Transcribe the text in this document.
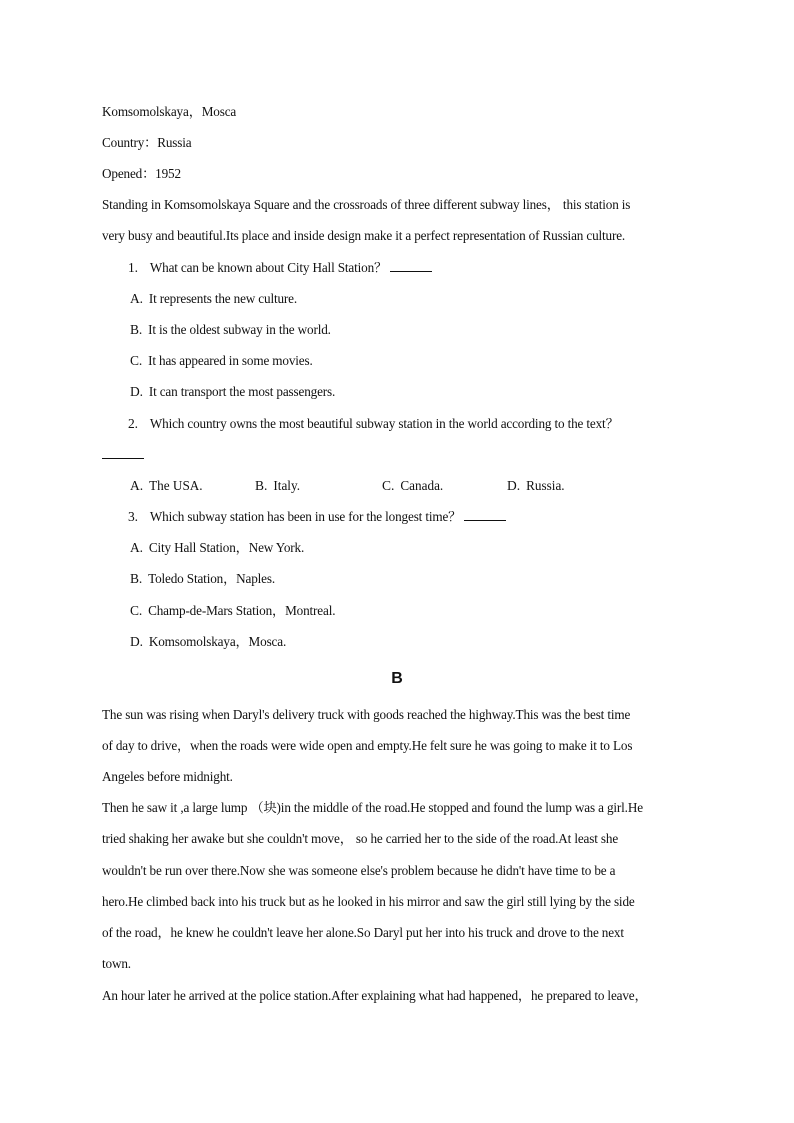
Komsomolskaya，Mosca
Country：Russia
Opened：1952
Standing in Komsomolskaya Square and the crossroads of three different subway lines， this station is
very busy and beautiful.Its place and inside design make it a perfect representation of Russian culture.
1. What can be known about City Hall Station？
A. It represents the new culture.
B. It is the oldest subway in the world.
C. It has appeared in some movies.
D. It can transport the most passengers.
2. Which country owns the most beautiful subway station in the world according to the text？
A. The USA.	B. Italy.	C. Canada.	D. Russia.
3. Which subway station has been in use for the longest time？
A. City Hall Station，New York.
B. Toledo Station，Naples.
C. Champ-de-Mars Station，Montreal.
D. Komsomolskaya，Mosca.
B
The sun was rising when Daryl's delivery truck with goods reached the highway.This was the best time
of day to drive，when the roads were wide open and empty.He felt sure he was going to make it to Los
Angeles before midnight.
Then he saw it ,a large lump （块)in the middle of the road.He stopped and found the lump was a girl.He
tried shaking her awake but she couldn't move， so he carried her to the side of the road.At least she
wouldn't be run over there.Now she was someone else's problem because he didn't have time to be a
hero.He climbed back into his truck but as he looked in his mirror and saw the girl still lying by the side
of the road，he knew he couldn't leave her alone.So Daryl put her into his truck and drove to the next
town.
An hour later he arrived at the police station.After explaining what had happened，he prepared to leave，
